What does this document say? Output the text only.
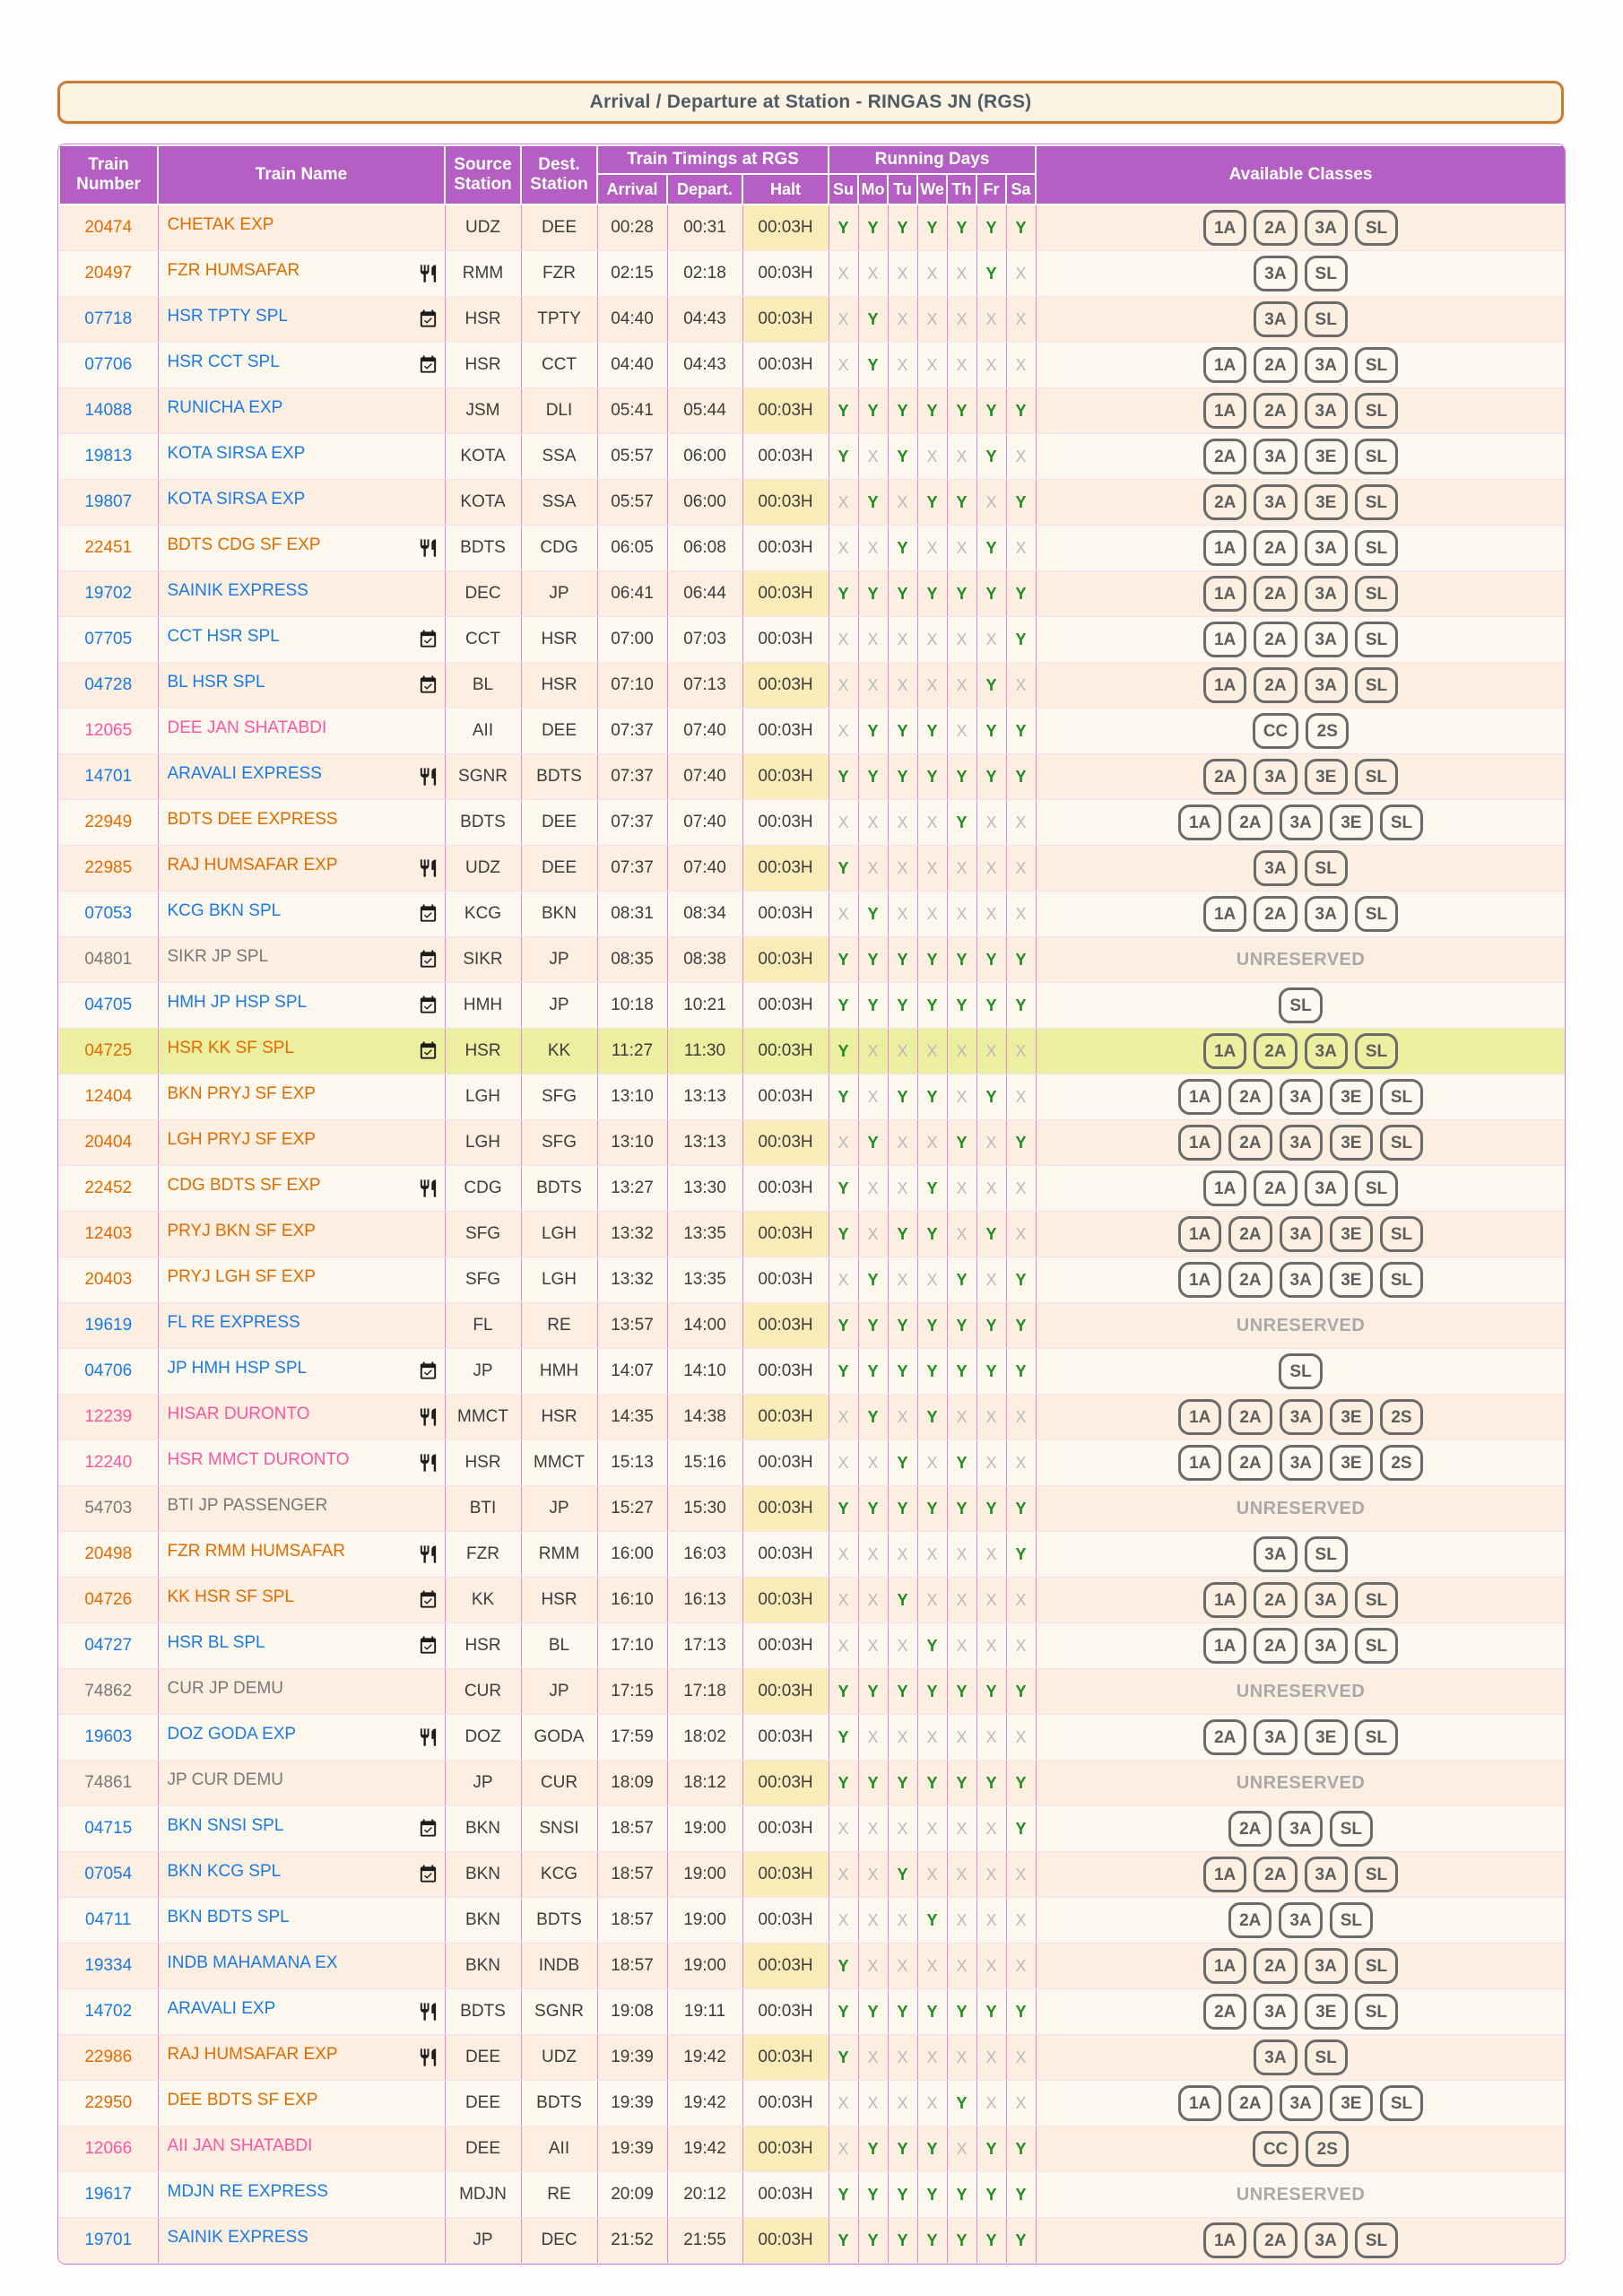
Arrival / Departure at Station - RINGAS JN (RGS)
Train Number	Train Name	Source Station	Dest. Station	Train Timings at RGS			Running Days							Available Classes
				Arrival	Depart.	Halt	Su	Mo	Tu	We	Th	Fr	Sa	
20474	CHETAK EXP	UDZ	DEE	00:28	00:31	00:03H	Y	Y	Y	Y	Y	Y	Y	1A 2A 3A SL
20497	FZR HUMSAFAR	RMM	FZR	02:15	02:18	00:03H	X	X	X	X	X	Y	X	3A SL
07718	HSR TPTY SPL	HSR	TPTY	04:40	04:43	00:03H	X	Y	X	X	X	X	X	3A SL
07706	HSR CCT SPL	HSR	CCT	04:40	04:43	00:03H	X	Y	X	X	X	X	X	1A 2A 3A SL
14088	RUNICHA EXP	JSM	DLI	05:41	05:44	00:03H	Y	Y	Y	Y	Y	Y	Y	1A 2A 3A SL
19813	KOTA SIRSA EXP	KOTA	SSA	05:57	06:00	00:03H	Y	X	Y	X	X	Y	X	2A 3A 3E SL
19807	KOTA SIRSA EXP	KOTA	SSA	05:57	06:00	00:03H	X	Y	X	Y	Y	X	Y	2A 3A 3E SL
22451	BDTS CDG SF EXP	BDTS	CDG	06:05	06:08	00:03H	X	X	Y	X	X	Y	X	1A 2A 3A SL
19702	SAINIK EXPRESS	DEC	JP	06:41	06:44	00:03H	Y	Y	Y	Y	Y	Y	Y	1A 2A 3A SL
07705	CCT HSR SPL	CCT	HSR	07:00	07:03	00:03H	X	X	X	X	X	X	Y	1A 2A 3A SL
04728	BL HSR SPL	BL	HSR	07:10	07:13	00:03H	X	X	X	X	X	Y	X	1A 2A 3A SL
12065	DEE JAN SHATABDI	AII	DEE	07:37	07:40	00:03H	X	Y	Y	Y	X	Y	Y	CC 2S
14701	ARAVALI EXPRESS	SGNR	BDTS	07:37	07:40	00:03H	Y	Y	Y	Y	Y	Y	Y	2A 3A 3E SL
22949	BDTS DEE EXPRESS	BDTS	DEE	07:37	07:40	00:03H	X	X	X	X	Y	X	X	1A 2A 3A 3E SL
22985	RAJ HUMSAFAR EXP	UDZ	DEE	07:37	07:40	00:03H	Y	X	X	X	X	X	X	3A SL
07053	KCG BKN SPL	KCG	BKN	08:31	08:34	00:03H	X	Y	X	X	X	X	X	1A 2A 3A SL
04801	SIKR JP SPL	SIKR	JP	08:35	08:38	00:03H	Y	Y	Y	Y	Y	Y	Y	UNRESERVED
04705	HMH JP HSP SPL	HMH	JP	10:18	10:21	00:03H	Y	Y	Y	Y	Y	Y	Y	SL
04725	HSR KK SF SPL	HSR	KK	11:27	11:30	00:03H	Y	X	X	X	X	X	X	1A 2A 3A SL
12404	BKN PRYJ SF EXP	LGH	SFG	13:10	13:13	00:03H	Y	X	Y	Y	X	Y	X	1A 2A 3A 3E SL
20404	LGH PRYJ SF EXP	LGH	SFG	13:10	13:13	00:03H	X	Y	X	X	Y	X	Y	1A 2A 3A 3E SL
22452	CDG BDTS SF EXP	CDG	BDTS	13:27	13:30	00:03H	Y	X	X	Y	X	X	X	1A 2A 3A SL
12403	PRYJ BKN SF EXP	SFG	LGH	13:32	13:35	00:03H	Y	X	Y	Y	X	Y	X	1A 2A 3A 3E SL
20403	PRYJ LGH SF EXP	SFG	LGH	13:32	13:35	00:03H	X	Y	X	X	Y	X	Y	1A 2A 3A 3E SL
19619	FL RE EXPRESS	FL	RE	13:57	14:00	00:03H	Y	Y	Y	Y	Y	Y	Y	UNRESERVED
04706	JP HMH HSP SPL	JP	HMH	14:07	14:10	00:03H	Y	Y	Y	Y	Y	Y	Y	SL
12239	HISAR DURONTO	MMCT	HSR	14:35	14:38	00:03H	X	Y	X	Y	X	X	X	1A 2A 3A 3E 2S
12240	HSR MMCT DURONTO	HSR	MMCT	15:13	15:16	00:03H	X	X	Y	X	Y	X	X	1A 2A 3A 3E 2S
54703	BTI JP PASSENGER	BTI	JP	15:27	15:30	00:03H	Y	Y	Y	Y	Y	Y	Y	UNRESERVED
20498	FZR RMM HUMSAFAR	FZR	RMM	16:00	16:03	00:03H	X	X	X	X	X	X	Y	3A SL
04726	KK HSR SF SPL	KK	HSR	16:10	16:13	00:03H	X	X	Y	X	X	X	X	1A 2A 3A SL
04727	HSR BL SPL	HSR	BL	17:10	17:13	00:03H	X	X	X	Y	X	X	X	1A 2A 3A SL
74862	CUR JP DEMU	CUR	JP	17:15	17:18	00:03H	Y	Y	Y	Y	Y	Y	Y	UNRESERVED
19603	DOZ GODA EXP	DOZ	GODA	17:59	18:02	00:03H	Y	X	X	X	X	X	X	2A 3A 3E SL
74861	JP CUR DEMU	JP	CUR	18:09	18:12	00:03H	Y	Y	Y	Y	Y	Y	Y	UNRESERVED
04715	BKN SNSI SPL	BKN	SNSI	18:57	19:00	00:03H	X	X	X	X	X	X	Y	2A 3A SL
07054	BKN KCG SPL	BKN	KCG	18:57	19:00	00:03H	X	X	Y	X	X	X	X	1A 2A 3A SL
04711	BKN BDTS SPL	BKN	BDTS	18:57	19:00	00:03H	X	X	X	Y	X	X	X	2A 3A SL
19334	INDB MAHAMANA EX	BKN	INDB	18:57	19:00	00:03H	Y	X	X	X	X	X	X	1A 2A 3A SL
14702	ARAVALI EXP	BDTS	SGNR	19:08	19:11	00:03H	Y	Y	Y	Y	Y	Y	Y	2A 3A 3E SL
22986	RAJ HUMSAFAR EXP	DEE	UDZ	19:39	19:42	00:03H	Y	X	X	X	X	X	X	3A SL
22950	DEE BDTS SF EXP	DEE	BDTS	19:39	19:42	00:03H	X	X	X	X	Y	X	X	1A 2A 3A 3E SL
12066	AII JAN SHATABDI	DEE	AII	19:39	19:42	00:03H	X	Y	Y	Y	X	Y	Y	CC 2S
19617	MDJN RE EXPRESS	MDJN	RE	20:09	20:12	00:03H	Y	Y	Y	Y	Y	Y	Y	UNRESERVED
19701	SAINIK EXPRESS	JP	DEC	21:52	21:55	00:03H	Y	Y	Y	Y	Y	Y	Y	1A 2A 3A SL
